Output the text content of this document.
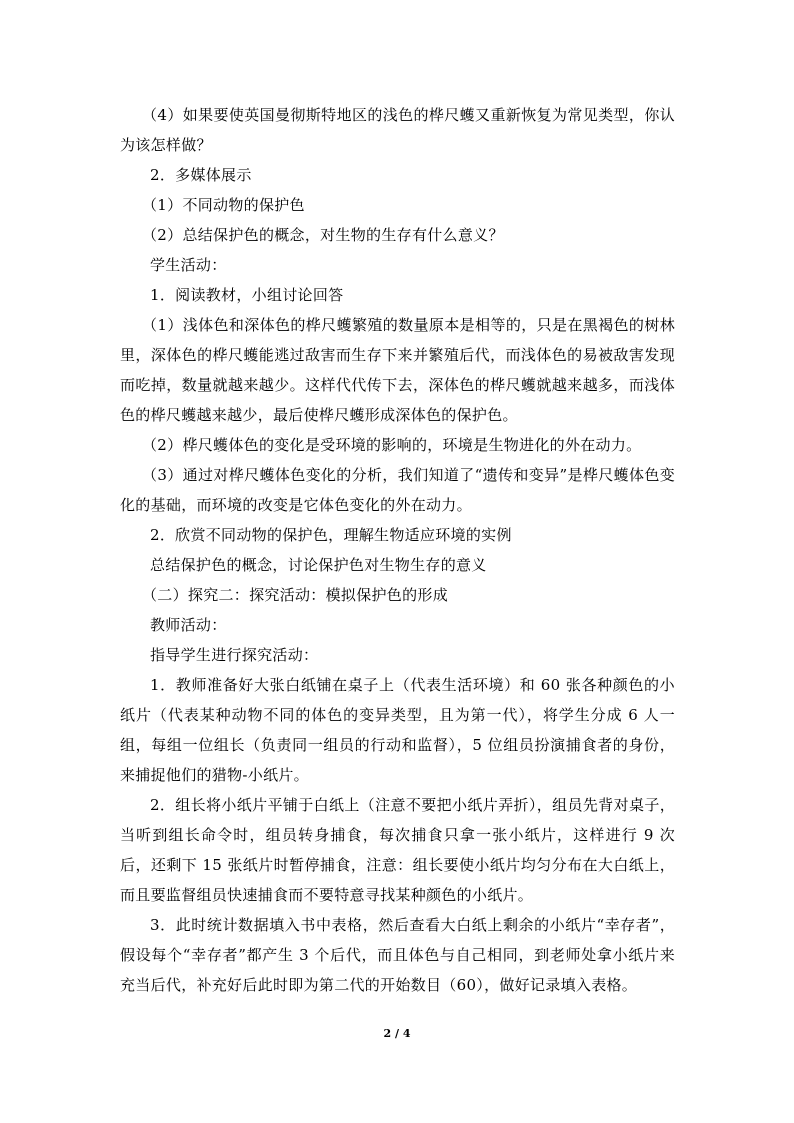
（4）如果要使英国曼彻斯特地区的浅色的桦尺蠖又重新恢复为常见类型，你认为该怎样做？

2．多媒体展示

（1）不同动物的保护色

（2）总结保护色的概念，对生物的生存有什么意义？

学生活动：

1．阅读教材，小组讨论回答

（1）浅体色和深体色的桦尺蠖繁殖的数量原本是相等的，只是在黑褐色的树林里，深体色的桦尺蠖能逃过敌害而生存下来并繁殖后代，而浅体色的易被敌害发现而吃掉，数量就越来越少。这样代代传下去，深体色的桦尺蠖就越来越多，而浅体色的桦尺蠖越来越少，最后使桦尺蠖形成深体色的保护色。

（2）桦尺蠖体色的变化是受环境的影响的，环境是生物进化的外在动力。

（3）通过对桦尺蠖体色变化的分析，我们知道了“遗传和变异”是桦尺蠖体色变化的基础，而环境的改变是它体色变化的外在动力。

2．欣赏不同动物的保护色，理解生物适应环境的实例

总结保护色的概念，讨论保护色对生物生存的意义

（二）探究二：探究活动：模拟保护色的形成

教师活动：

指导学生进行探究活动：

1．教师准备好大张白纸铺在桌子上（代表生活环境）和 60 张各种颜色的小纸片（代表某种动物不同的体色的变异类型，且为第一代），将学生分成 6 人一组，每组一位组长（负责同一组员的行动和监督），5 位组员扮演捕食者的身份，来捕捉他们的猎物-小纸片。

2．组长将小纸片平铺于白纸上（注意不要把小纸片弄折），组员先背对桌子，当听到组长命令时，组员转身捕食，每次捕食只拿一张小纸片，这样进行 9 次后，还剩下 15 张纸片时暂停捕食，注意：组长要使小纸片均匀分布在大白纸上，而且要监督组员快速捕食而不要特意寻找某种颜色的小纸片。

3．此时统计数据填入书中表格，然后查看大白纸上剩余的小纸片“幸存者”，假设每个“幸存者”都产生 3 个后代，而且体色与自己相同，到老师处拿小纸片来充当后代，补充好后此时即为第二代的开始数目（60），做好记录填入表格。

2 / 4
